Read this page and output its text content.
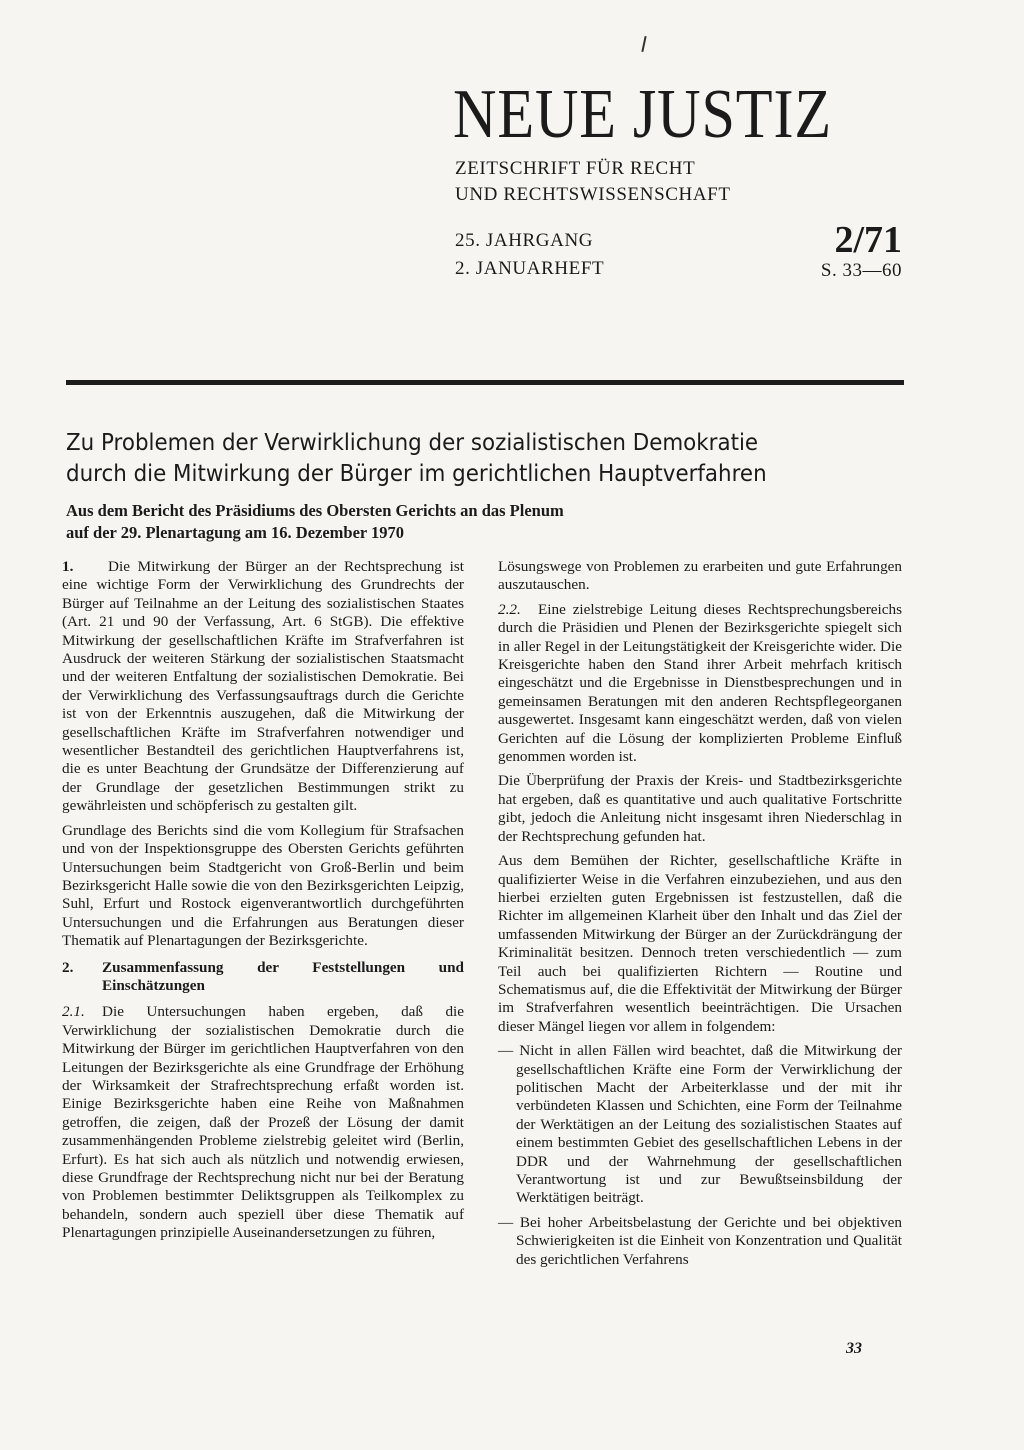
NEUE JUSTIZ
ZEITSCHRIFT FÜR RECHT
UND RECHTSWISSENSCHAFT
25. JAHRGANG
2. JANUARHEFT
2/71
S. 33—60
Zu Problemen der Verwirklichung der sozialistischen Demokratie
durch die Mitwirkung der Bürger im gerichtlichen Hauptverfahren
Aus dem Bericht des Präsidiums des Obersten Gerichts an das Plenum
auf der 29. Plenartagung am 16. Dezember 1970

1. Die Mitwirkung der Bürger an der Rechtsprechung ist eine wichtige Form der Verwirklichung des Grundrechts der Bürger auf Teilnahme an der Leitung des sozialistischen Staates (Art. 21 und 90 der Verfassung, Art. 6 StGB). Die effektive Mitwirkung der gesellschaftlichen Kräfte im Strafverfahren ist Ausdruck der weiteren Stärkung der sozialistischen Staatsmacht und der weiteren Entfaltung der sozialistischen Demokratie. Bei der Verwirklichung des Verfassungsauftrags durch die Gerichte ist von der Erkenntnis auszugehen, daß die Mitwirkung der gesellschaftlichen Kräfte im Strafverfahren notwendiger und wesentlicher Bestandteil des gerichtlichen Hauptverfahrens ist, die es unter Beachtung der Grundsätze der Differenzierung auf der Grundlage der gesetzlichen Bestimmungen strikt zu gewährleisten und schöpferisch zu gestalten gilt.

Grundlage des Berichts sind die vom Kollegium für Strafsachen und von der Inspektionsgruppe des Obersten Gerichts geführten Untersuchungen beim Stadtgericht von Groß-Berlin und beim Bezirksgericht Halle sowie die von den Bezirksgerichten Leipzig, Suhl, Erfurt und Rostock eigenverantwortlich durchgeführten Untersuchungen und die Erfahrungen aus Beratungen dieser Thematik auf Plenartagungen der Bezirksgerichte.

2.	Zusammenfassung der Feststellungen und Einschätzungen

2.1. Die Untersuchungen haben ergeben, daß die Verwirklichung der sozialistischen Demokratie durch die Mitwirkung der Bürger im gerichtlichen Hauptverfahren von den Leitungen der Bezirksgerichte als eine Grundfrage der Erhöhung der Wirksamkeit der Strafrechtsprechung erfaßt worden ist. Einige Bezirksgerichte haben eine Reihe von Maßnahmen getroffen, die zeigen, daß der Prozeß der Lösung der damit zusammenhängenden Probleme zielstrebig geleitet wird (Berlin, Erfurt). Es hat sich auch als nützlich und notwendig erwiesen, diese Grundfrage der Rechtsprechung nicht nur bei der Beratung von Problemen bestimmter Deliktsgruppen als Teilkomplex zu behandeln, sondern auch speziell über diese Thematik auf Plenartagungen prinzipielle Auseinandersetzungen zu führen,

Lösungswege von Problemen zu erarbeiten und gute Erfahrungen auszutauschen.

2.2. Eine zielstrebige Leitung dieses Rechtsprechungsbereichs durch die Präsidien und Plenen der Bezirksgerichte spiegelt sich in aller Regel in der Leitungstätigkeit der Kreisgerichte wider. Die Kreisgerichte haben den Stand ihrer Arbeit mehrfach kritisch eingeschätzt und die Ergebnisse in Dienstbesprechungen und in gemeinsamen Beratungen mit den anderen Rechtspflegeorganen ausgewertet. Insgesamt kann eingeschätzt werden, daß von vielen Gerichten auf die Lösung der komplizierten Probleme Einfluß genommen worden ist.

Die Überprüfung der Praxis der Kreis- und Stadtbezirksgerichte hat ergeben, daß es quantitative und auch qualitative Fortschritte gibt, jedoch die Anleitung nicht insgesamt ihren Niederschlag in der Rechtsprechung gefunden hat.

Aus dem Bemühen der Richter, gesellschaftliche Kräfte in qualifizierter Weise in die Verfahren einzubeziehen, und aus den hierbei erzielten guten Ergebnissen ist festzustellen, daß die Richter im allgemeinen Klarheit über den Inhalt und das Ziel der umfassenden Mitwirkung der Bürger an der Zurückdrängung der Kriminalität besitzen. Dennoch treten verschiedentlich — zum Teil auch bei qualifizierten Richtern — Routine und Schematismus auf, die die Effektivität der Mitwirkung der Bürger im Strafverfahren wesentlich beeinträchtigen. Die Ursachen dieser Mängel liegen vor allem in folgendem:

— Nicht in allen Fällen wird beachtet, daß die Mitwirkung der gesellschaftlichen Kräfte eine Form der Verwirklichung der politischen Macht der Arbeiterklasse und der mit ihr verbündeten Klassen und Schichten, eine Form der Teilnahme der Werktätigen an der Leitung des sozialistischen Staates auf einem bestimmten Gebiet des gesellschaftlichen Lebens in der DDR und der Wahrnehmung der gesellschaftlichen Verantwortung ist und zur Bewußtseinsbildung der Werktätigen beiträgt.

— Bei hoher Arbeitsbelastung der Gerichte und bei objektiven Schwierigkeiten ist die Einheit von Konzentration und Qualität des gerichtlichen Verfahrens

33
